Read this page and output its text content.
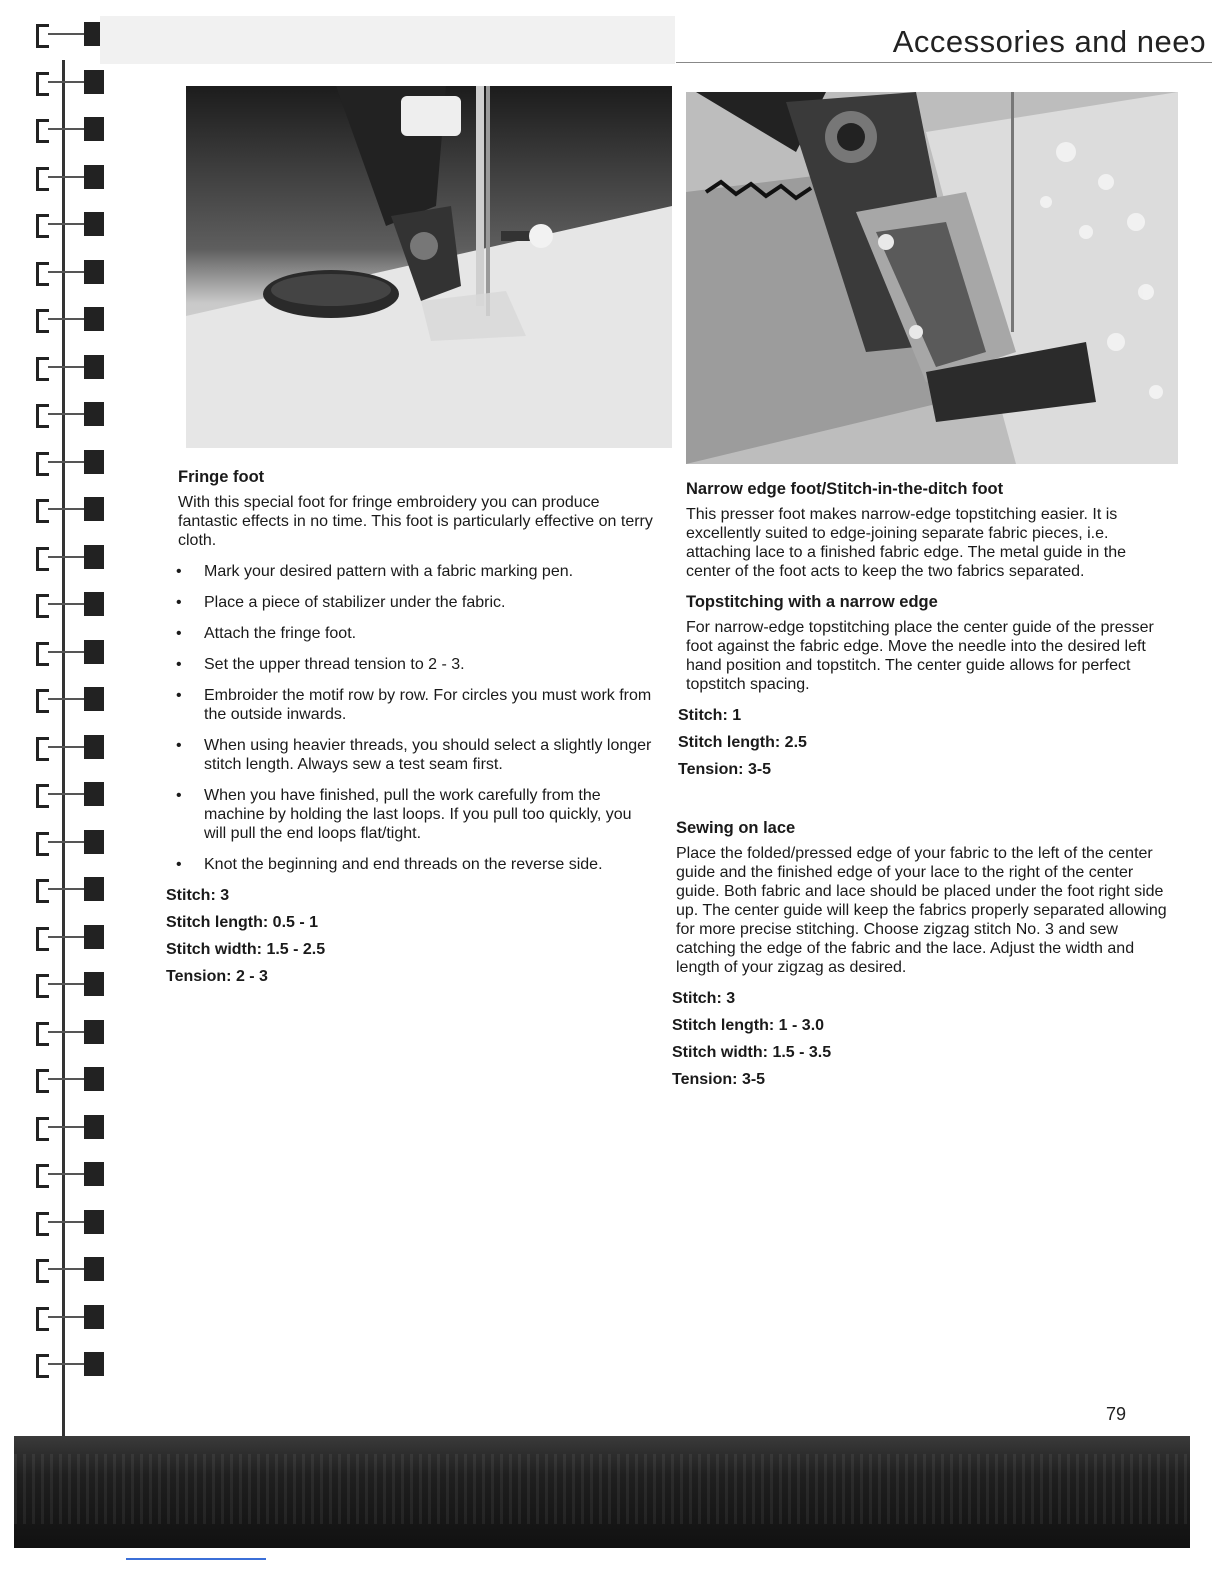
Accessories and neeɔ
Fringe foot

With this special foot for fringe embroidery you can produce fantastic effects in no time. This foot is particularly effective on terry cloth.

• Mark your desired pattern with a fabric marking pen.
• Place a piece of stabilizer under the fabric.
• Attach the fringe foot.
• Set the upper thread tension to 2 - 3.
• Embroider the motif row by row. For circles you must work from the outside inwards.
• When using heavier threads, you should select a slightly longer stitch length. Always sew a test seam first.
• When you have finished, pull the work carefully from the machine by holding the last loops. If you pull too quickly, you will pull the end loops flat/tight.
• Knot the beginning and end threads on the reverse side.
Stitch: 3
Stitch length: 0.5 - 1
Stitch width: 1.5 - 2.5
Tension: 2 - 3
Narrow edge foot/Stitch-in-the-ditch foot

This presser foot makes narrow-edge topstitching easier. It is excellently suited to edge-joining separate fabric pieces, i.e. attaching lace to a finished fabric edge. The metal guide in the center of the foot acts to keep the two fabrics separated.

Topstitching with a narrow edge

For narrow-edge topstitching place the center guide of the presser foot against the fabric edge. Move the needle into the desired left hand position and topstitch. The center guide allows for perfect topstitch spacing.

Stitch: 1
Stitch length: 2.5
Tension: 3-5
Sewing on lace

Place the folded/pressed edge of your fabric to the left of the center guide and the finished edge of your lace to the right of the center guide. Both fabric and lace should be placed under the foot right side up. The center guide will keep the fabrics properly separated allowing for more precise stitching. Choose zigzag stitch No. 3 and sew catching the edge of the fabric and the lace. Adjust the width and length of your zigzag as desired.

Stitch: 3
Stitch length: 1 - 3.0
Stitch width: 1.5 - 3.5
Tension: 3-5
79
